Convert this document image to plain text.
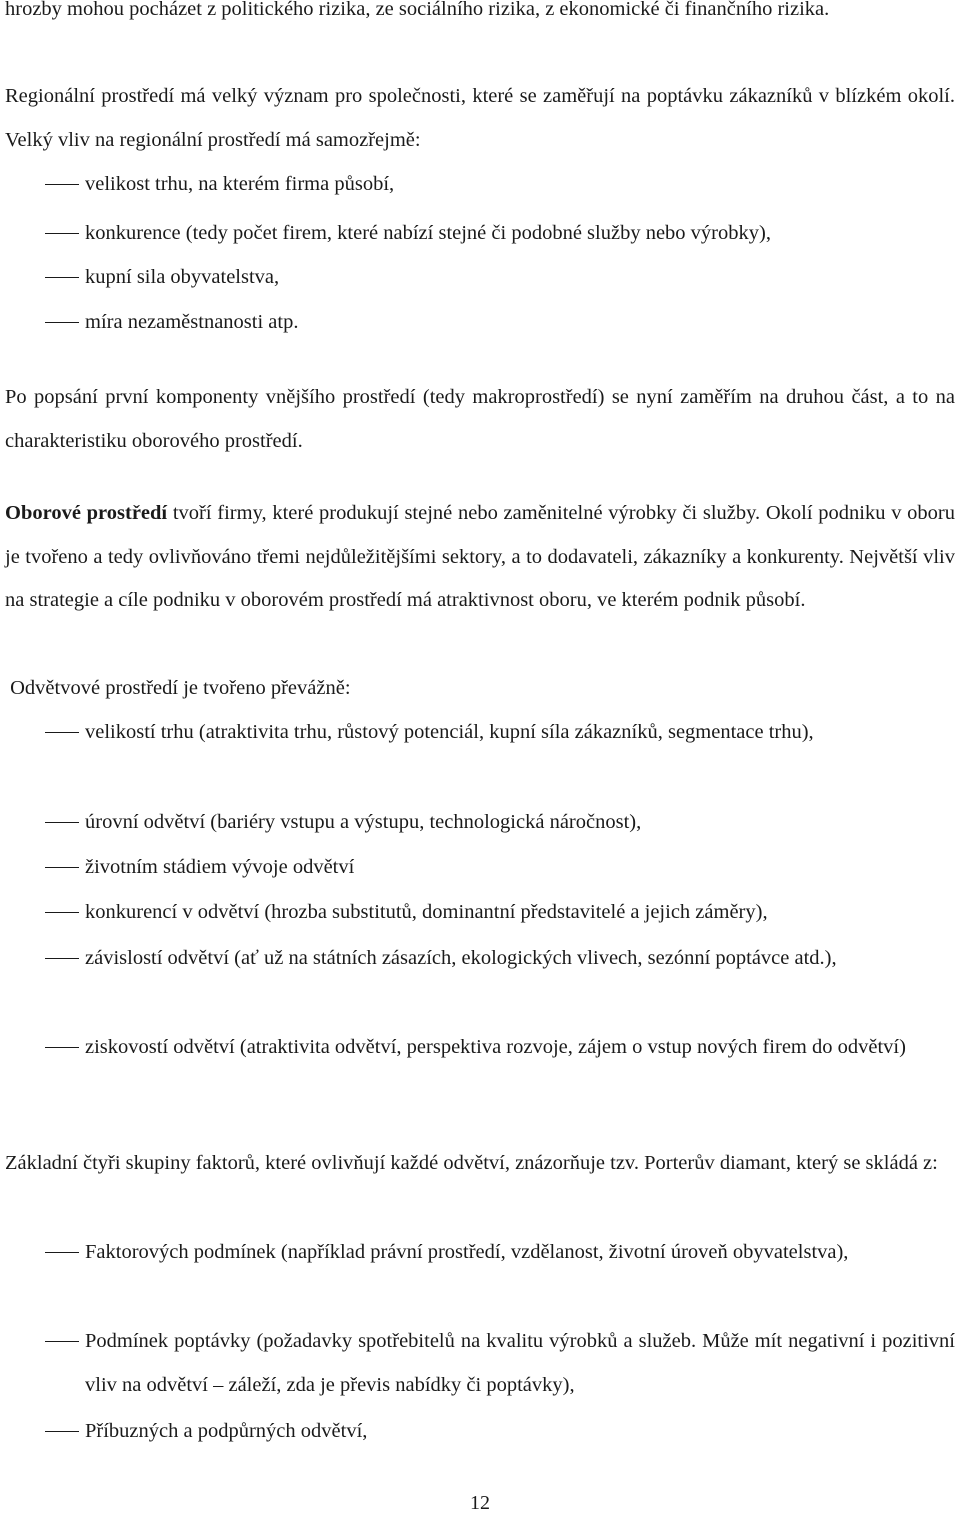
hrozby mohou pocházet z politického rizika, ze sociálního rizika, z ekonomické či finančního rizika.

Regionální prostředí má velký význam pro společnosti, které se zaměřují na poptávku zákazníků v blízkém okolí. Velký vliv na regionální prostředí má samozřejmě:

velikost trhu, na kterém firma působí,
konkurence (tedy počet firem, které nabízí stejné či podobné služby nebo výrobky),
kupní sila obyvatelstva,
míra nezaměstnanosti atp.

Po popsání první komponenty vnějšího prostředí (tedy makroprostředí) se nyní zaměřím na druhou část, a to na charakteristiku oborového prostředí.

Oborové prostředí tvoří firmy, které produkují stejné nebo zaměnitelné výrobky či služby. Okolí podniku v oboru je tvořeno a tedy ovlivňováno třemi nejdůležitějšími sektory, a to dodavateli, zákazníky a konkurenty. Největší vliv na strategie a cíle podniku v oborovém prostředí má atraktivnost oboru, ve kterém podnik působí.

Odvětvové prostředí je tvořeno převážně:

velikostí trhu (atraktivita trhu, růstový potenciál, kupní síla zákazníků, segmentace trhu),
úrovní odvětví (bariéry vstupu a výstupu, technologická náročnost),
životním stádiem vývoje odvětví
konkurencí v odvětví (hrozba substitutů, dominantní představitelé a jejich záměry),
závislostí odvětví (ať už na státních zásazích, ekologických vlivech, sezónní poptávce atd.),
ziskovostí odvětví (atraktivita odvětví, perspektiva rozvoje, zájem o vstup nových firem do odvětví)

Základní čtyři skupiny faktorů, které ovlivňují každé odvětví, znázorňuje tzv. Porterův diamant, který se skládá z:

Faktorových podmínek (například právní prostředí, vzdělanost, životní úroveň obyvatelstva),
Podmínek poptávky (požadavky spotřebitelů na kvalitu výrobků a služeb. Může mít negativní i pozitivní vliv na odvětví – záleží, zda je převis nabídky či poptávky),
Příbuzných a podpůrných odvětví,
12
